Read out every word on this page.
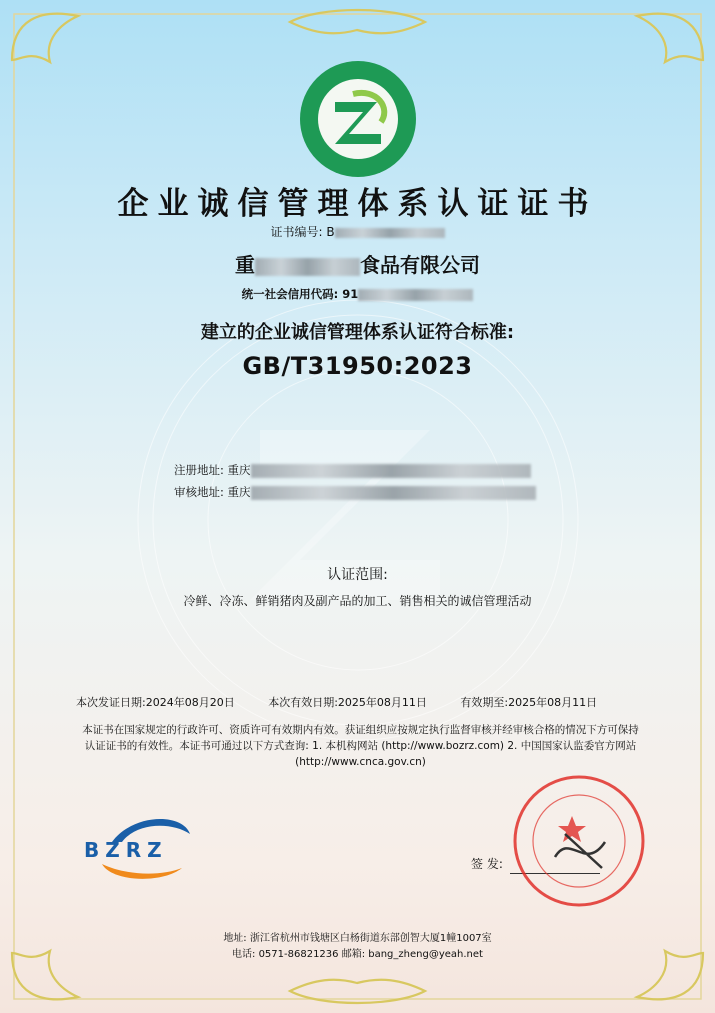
企业诚信管理体系认证证书
证书编号: B
重	食品有限公司
统一社会信用代码: 91
建立的企业诚信管理体系认证符合标准:
GB/T31950:2023
注册地址: 重庆
审核地址: 重庆
认证范围:
冷鲜、冷冻、鲜销猪肉及副产品的加工、销售相关的诚信管理活动
本次发证日期:2024年08月20日	本次有效日期:2025年08月11日	有效期至:2025年08月11日
本证书在国家规定的行政许可、资质许可有效期内有效。获证组织应按规定执行监督审核并经审核合格的情况下方可保持认证证书的有效性。本证书可通过以下方式查询: 1. 本机构网站 (http://www.bozrz.com) 2. 中国国家认监委官方网站 (http://www.cnca.gov.cn)
BZRZ
签 发:
地址: 浙江省杭州市钱塘区白杨街道东部创智大厦1幢1007室
电话: 0571-86821236 邮箱: bang_zheng@yeah.net
